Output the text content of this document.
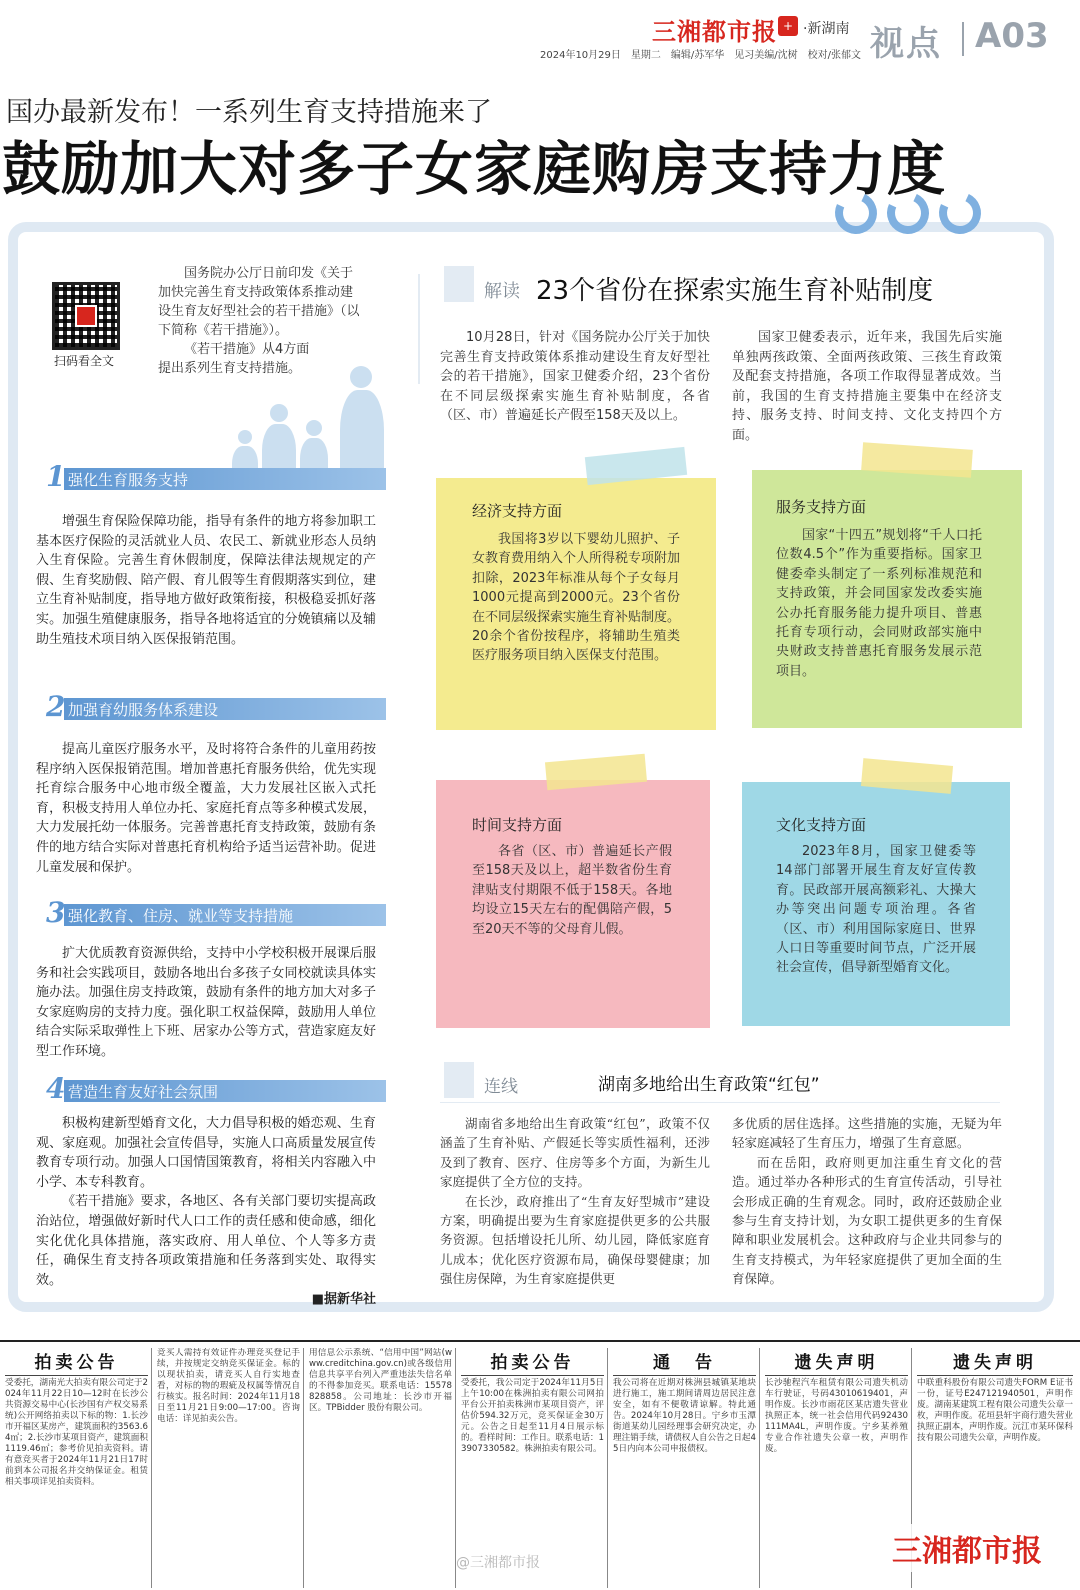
三湘都市报 + ·新湖南
2024年10月29日　星期二　编辑/苏军华　见习美编/沈树　校对/张郁文 视点 A03
国办最新发布！一系列生育支持措施来了
鼓励加大对多子女家庭购房支持力度
扫码看全文

国务院办公厅日前印发《关于加快完善生育支持政策体系推动建设生育友好型社会的若干措施》（以下简称《若干措施》）。

《若干措施》从4方面提出系列生育支持措施。

1 强化生育服务支持

增强生育保险保障功能，指导有条件的地方将参加职工基本医疗保险的灵活就业人员、农民工、新就业形态人员纳入生育保险。完善生育休假制度，保障法律法规规定的产假、生育奖励假、陪产假、育儿假等生育假期落实到位，建立生育补贴制度，指导地方做好政策衔接，积极稳妥抓好落实。加强生殖健康服务，指导各地将适宜的分娩镇痛以及辅助生殖技术项目纳入医保报销范围。

2 加强育幼服务体系建设

提高儿童医疗服务水平，及时将符合条件的儿童用药按程序纳入医保报销范围。增加普惠托育服务供给，优先实现托育综合服务中心地市级全覆盖，大力发展社区嵌入式托育，积极支持用人单位办托、家庭托育点等多种模式发展，大力发展托幼一体服务。完善普惠托育支持政策，鼓励有条件的地方结合实际对普惠托育机构给予适当运营补助。促进儿童发展和保护。

3 强化教育、住房、就业等支持措施

扩大优质教育资源供给，支持中小学校积极开展课后服务和社会实践项目，鼓励各地出台多孩子女同校就读具体实施办法。加强住房支持政策，鼓励有条件的地方加大对多子女家庭购房的支持力度。强化职工权益保障，鼓励用人单位结合实际采取弹性上下班、居家办公等方式，营造家庭友好型工作环境。

4 营造生育友好社会氛围

积极构建新型婚育文化，大力倡导积极的婚恋观、生育观、家庭观。加强社会宣传倡导，实施人口高质量发展宣传教育专项行动。加强人口国情国策教育，将相关内容融入中小学、本专科教育。

《若干措施》要求，各地区、各有关部门要切实提高政治站位，增强做好新时代人口工作的责任感和使命感，细化实化优化具体措施，落实政府、用人单位、个人等多方责任，确保生育支持各项政策措施和任务落到实处、取得实效。

■据新华社

解读 23个省份在探索实施生育补贴制度
10月28日，针对《国务院办公厅关于加快完善生育支持政策体系推动建设生育友好型社会的若干措施》，国家卫健委介绍，23个省份在不同层级探索实施生育补贴制度，各省（区、市）普遍延长产假至158天及以上。
国家卫健委表示，近年来，我国先后实施单独两孩政策、全面两孩政策、三孩生育政策及配套支持措施，各项工作取得显著成效。当前，我国的生育支持措施主要集中在经济支持、服务支持、时间支持、文化支持四个方面。
经济支持方面
我国将3岁以下婴幼儿照护、子女教育费用纳入个人所得税专项附加扣除，2023年标准从每个子女每月1000元提高到2000元。23个省份在不同层级探索实施生育补贴制度。20余个省份按程序，将辅助生殖类医疗服务项目纳入医保支付范围。
服务支持方面
国家“十四五”规划将“千人口托位数4.5个”作为重要指标。国家卫健委牵头制定了一系列标准规范和支持政策，并会同国家发改委实施公办托育服务能力提升项目、普惠托育专项行动，会同财政部实施中央财政支持普惠托育服务发展示范项目。
时间支持方面
各省（区、市）普遍延长产假至158天及以上，超半数省份生育津贴支付期限不低于158天。各地均设立15天左右的配偶陪产假，5至20天不等的父母育儿假。
文化支持方面
2023年8月，国家卫健委等14部门部署开展生育友好宣传教育。民政部开展高额彩礼、大操大办等突出问题专项治理。各省（区、市）利用国际家庭日、世界人口日等重要时间节点，广泛开展社会宣传，倡导新型婚育文化。
连线	湖南多地给出生育政策“红包”

湖南省多地给出生育政策“红包”，政策不仅涵盖了生育补贴、产假延长等实质性福利，还涉及到了教育、医疗、住房等多个方面，为新生儿家庭提供了全方位的支持。

在长沙，政府推出了“生育友好型城市”建设方案，明确提出要为生育家庭提供更多的公共服务资源。包括增设托儿所、幼儿园，降低家庭育儿成本；优化医疗资源布局，确保母婴健康；加强住房保障，为生育家庭提供更

多优质的居住选择。这些措施的实施，无疑为年轻家庭减轻了生育压力，增强了生育意愿。

而在岳阳，政府则更加注重生育文化的营造。通过举办各种形式的生育宣传活动，引导社会形成正确的生育观念。同时，政府还鼓励企业参与生育支持计划，为女职工提供更多的生育保障和职业发展机会。这种政府与企业共同参与的生育支持模式，为年轻家庭提供了更加全面的生育保障。

拍卖公告
受委托，湖南光大拍卖有限公司定于2024年11月22日10—12时在长沙公共资源交易中心(长沙国有产权交易系统)公开网络拍卖以下标的物：1.长沙市开福区某房产，建筑面积约3563.64㎡；2.长沙市某项目资产，建筑面积1119.46㎡；参考价见拍卖资料。请有意竞买者于2024年11月21日17时前到本公司报名并交纳保证金。租赁相关事项详见拍卖资料。
竞买人需持有效证件办理竞买登记手续，并按规定交纳竞买保证金。标的以现状拍卖，请竞买人自行实地查看，对标的物的瑕疵及权属等情况自行核实。报名时间：2024年11月18日至11月21日9:00—17:00。咨询电话：详见拍卖公告。
用信息公示系统、“信用中国”网站(www.creditchina.gov.cn)或各级信用信息共享平台列入严重违法失信名单的不得参加竞买。联系电话：15578828858。公司地址：长沙市开福区。TPBidder 股份有限公司。
拍卖公告
受委托，我公司定于2024年11月5日上午10:00在株洲拍卖有限公司网拍平台公开拍卖株洲市某项目资产，评估价594.32万元，竞买保证金30万元。公告之日起至11月4日展示标的。看样时间：工作日。联系电话：13907330582。株洲拍卖有限公司。
通　告
我公司将在近期对株洲县城镇某地块进行施工，施工期间请周边居民注意安全，如有不便敬请谅解。特此通告。2024年10月28日。宁乡市玉潭街道某幼儿园经理事会研究决定，办理注销手续，请债权人自公告之日起45日内向本公司申报债权。
遗失声明
长沙驰程汽车租赁有限公司遗失机动车行驶证，号码43010619401，声明作废。长沙市雨花区某店遗失营业执照正本，统一社会信用代码92430111MA4L，声明作废。宁乡某养殖专业合作社遗失公章一枚，声明作废。
遗失声明
中联重科股份有限公司遗失FORM E证书一份，证号E247121940501，声明作废。湖南某建筑工程有限公司遗失公章一枚，声明作废。花垣县轩宇商行遗失营业执照正副本，声明作废。沅江市某环保科技有限公司遗失公章，声明作废。
@三湘都市报	三湘都市报
